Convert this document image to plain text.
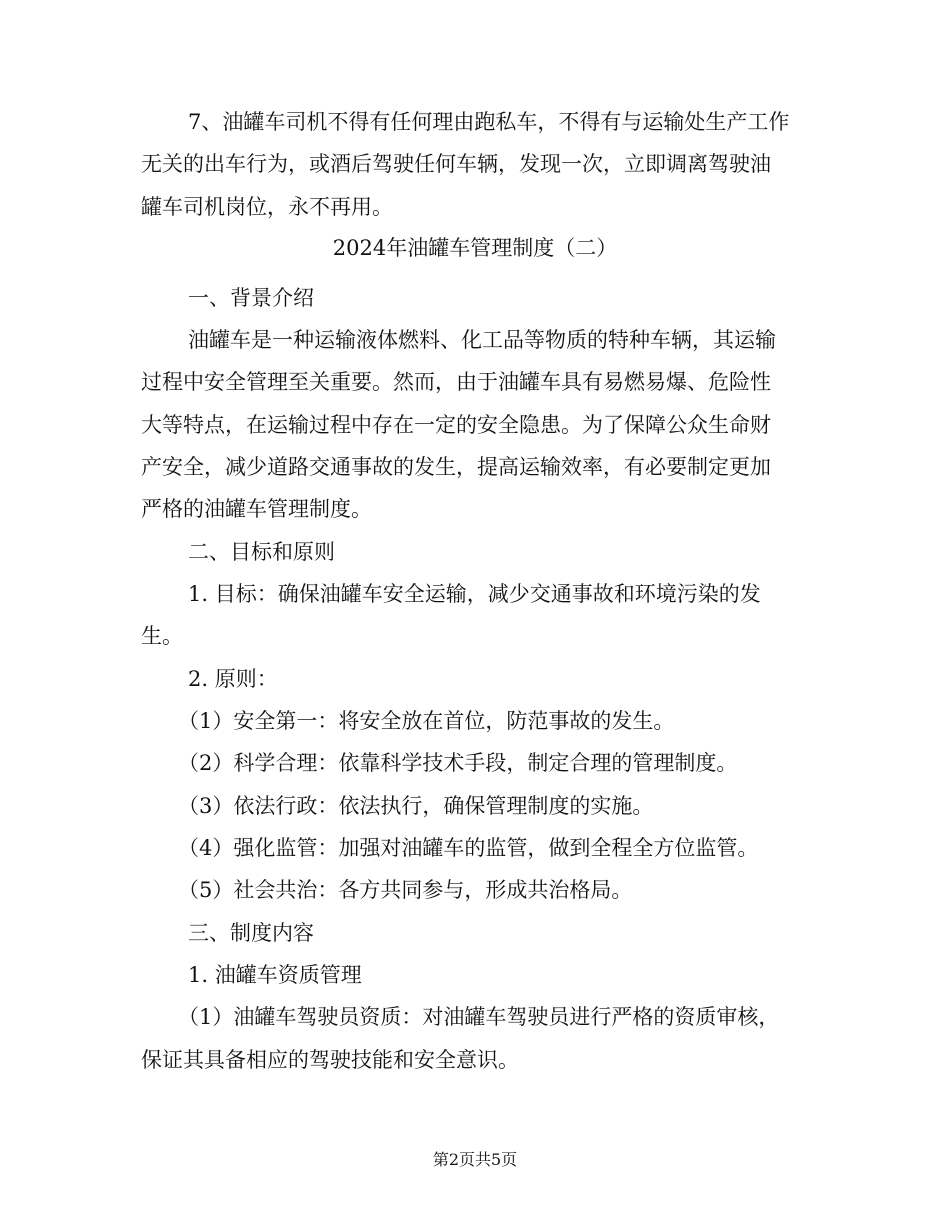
7、油罐车司机不得有任何理由跑私车，不得有与运输处生产工作

无关的出车行为，或酒后驾驶任何车辆，发现一次，立即调离驾驶油

罐车司机岗位，永不再用。

2024年油罐车管理制度（二）

一、背景介绍

油罐车是一种运输液体燃料、化工品等物质的特种车辆，其运输

过程中安全管理至关重要。然而，由于油罐车具有易燃易爆、危险性

大等特点，在运输过程中存在一定的安全隐患。为了保障公众生命财

产安全，减少道路交通事故的发生，提高运输效率，有必要制定更加

严格的油罐车管理制度。

二、目标和原则

1. 目标：确保油罐车安全运输，减少交通事故和环境污染的发

生。

2. 原则：

（1）安全第一：将安全放在首位，防范事故的发生。

（2）科学合理：依靠科学技术手段，制定合理的管理制度。

（3）依法行政：依法执行，确保管理制度的实施。

（4）强化监管：加强对油罐车的监管，做到全程全方位监管。

（5）社会共治：各方共同参与，形成共治格局。

三、制度内容

1. 油罐车资质管理

（1）油罐车驾驶员资质：对油罐车驾驶员进行严格的资质审核，

保证其具备相应的驾驶技能和安全意识。

第2页共5页
